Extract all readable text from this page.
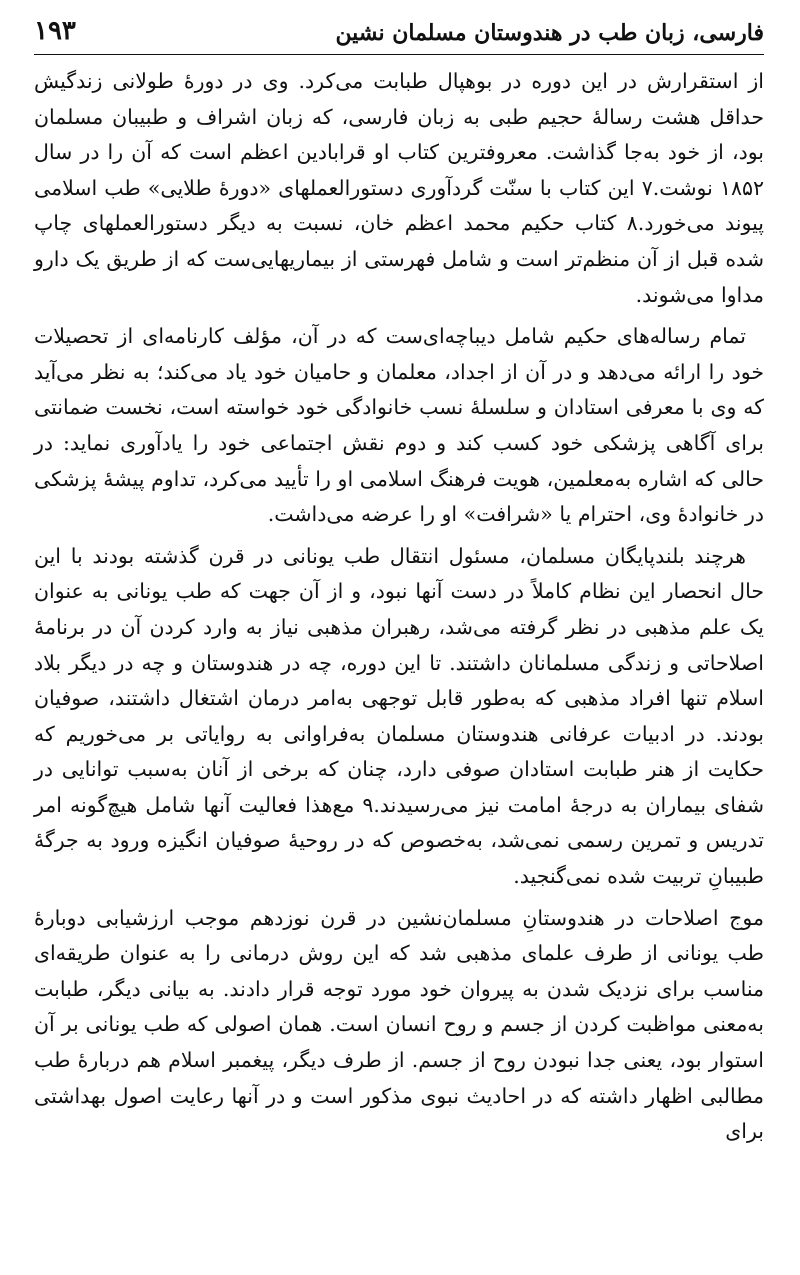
فارسی، زبان طب در هندوستان مسلمان نشین
۱۹۳

از استقرارش در این دوره در بوهپال طبابت می‌کرد. وی در دورهٔ طولانی زندگیش حداقل هشت رسالهٔ حجیم طبی به زبان فارسی، که زبان اشراف و طبیبان مسلمان بود، از خود به‌جا گذاشت. معروفترین کتاب او قرابادین اعظم است که آن را در سال ۱۸۵۲ نوشت.۷ این کتاب با سنّت گردآوری دستورالعملهای «دورهٔ طلایی» طب اسلامی پیوند می‌خورد.۸ کتاب حکیم محمد اعظم خان، نسبت به دیگر دستورالعملهای چاپ شده قبل از آن منظم‌تر است و شامل فهرستی از بیماریهایی‌ست که از طریق یک دارو مداوا می‌شوند.

تمام رساله‌های حکیم شامل دیباچه‌ای‌ست که در آن، مؤلف کارنامه‌ای از تحصیلات خود را ارائه می‌دهد و در آن از اجداد، معلمان و حامیان خود یاد می‌کند؛ به نظر می‌آید که وی با معرفی استادان و سلسلهٔ نسب خانوادگی خود خواسته است، نخست ضمانتی برای آگاهی پزشکی خود کسب کند و دوم نقش اجتماعی خود را یادآوری نماید: در حالی که اشاره به‌معلمین، هویت فرهنگ اسلامی او را تأیید می‌کرد، تداوم پیشهٔ پزشکی در خانوادهٔ وی، احترام یا «شرافت» او را عرضه می‌داشت.

هرچند بلندپایگان مسلمان، مسئول انتقال طب یونانی در قرن گذشته بودند با این حال انحصار این نظام کاملاً در دست آنها نبود، و از آن جهت که طب یونانی به عنوان یک علم مذهبی در نظر گرفته می‌شد، رهبران مذهبی نیاز به وارد کردن آن در برنامهٔ اصلاحاتی و زندگی مسلمانان داشتند. تا این دوره، چه در هندوستان و چه در دیگر بلاد اسلام تنها افراد مذهبی که به‌طور قابل توجهی به‌امر درمان اشتغال داشتند، صوفیان بودند. در ادبیات عرفانی هندوستان مسلمان به‌فراوانی به روایاتی بر می‌خوریم که حکایت از هنر طبابت استادان صوفی دارد، چنان که برخی از آنان به‌سبب توانایی در شفای بیماران به درجهٔ امامت نیز می‌رسیدند.۹ مع‌هذا فعالیت آنها شامل هیچ‌گونه امر تدریس و تمرین رسمی نمی‌شد، به‌خصوص که در روحیهٔ صوفیان انگیزه ورود به جرگهٔ طبیبانِ تربیت شده نمی‌گنجید.

موج اصلاحات در هندوستانِ مسلمان‌نشین در قرن نوزدهم موجب ارزشیابی دوبارهٔ طب یونانی از طرف علمای مذهبی شد که این روش درمانی را به عنوان طریقه‌ای مناسب برای نزدیک شدن به پیروان خود مورد توجه قرار دادند. به بیانی دیگر، طبابت به‌معنی مواظبت کردن از جسم و روح انسان است. همان اصولی که طب یونانی بر آن استوار بود، یعنی جدا نبودن روح از جسم. از طرف دیگر، پیغمبر اسلام هم دربارهٔ طب مطالبی اظهار داشته که در احادیث نبوی مذکور است و در آنها رعایت اصول بهداشتی برای
